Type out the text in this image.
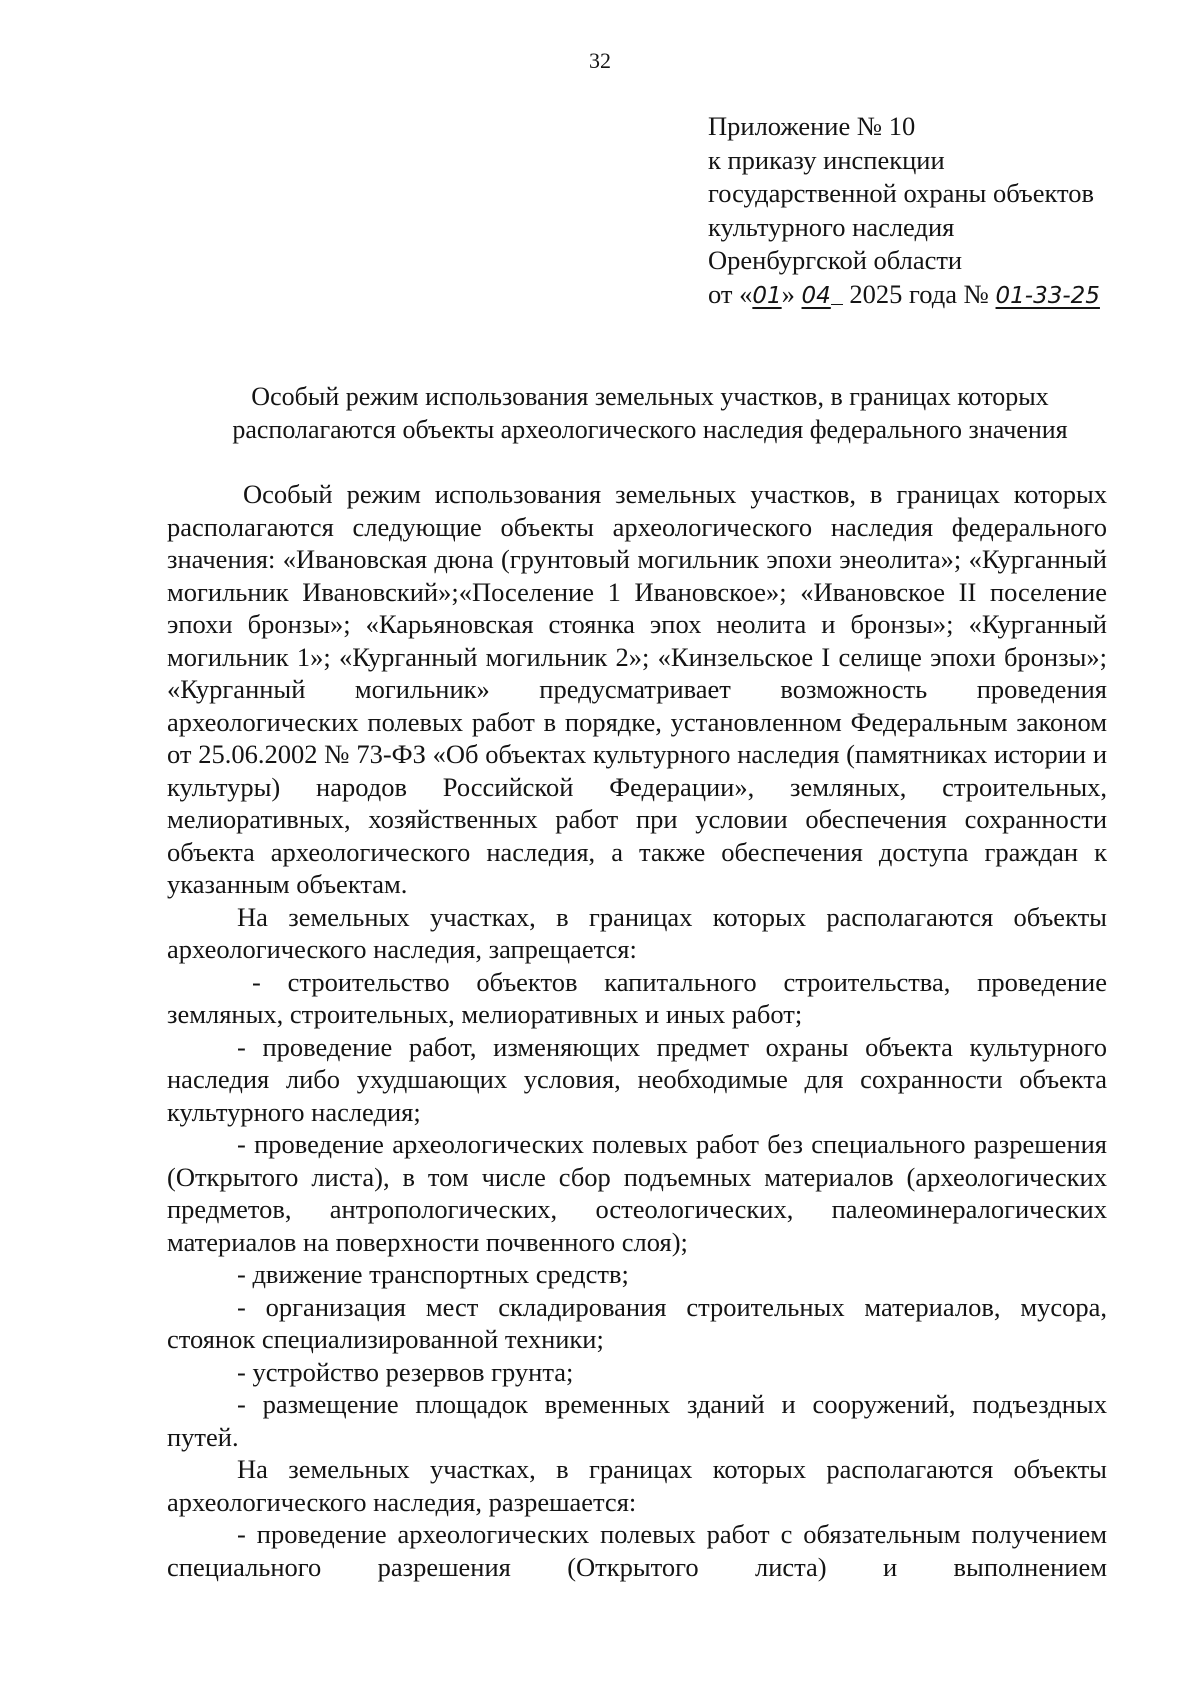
32
Приложение № 10
к приказу инспекции
государственной охраны объектов
культурного наследия
Оренбургской области
от «01» 04 2025 года № 01-33-25
Особый режим использования земельных участков, в границах которых
располагаются объекты археологического наследия федерального значения

Особый режим использования земельных участков, в границах которых располагаются следующие объекты археологического наследия федерального значения: «Ивановская дюна (грунтовый могильник эпохи энеолита»; «Курганный могильник Ивановский»;«Поселение 1 Ивановское»; «Ивановское II поселение эпохи бронзы»; «Карьяновская стоянка эпох неолита и бронзы»; «Курганный могильник 1»; «Курганный могильник 2»; «Кинзельское I селище эпохи бронзы»; «Курганный могильник» предусматривает возможность проведения археологических полевых работ в порядке, установленном Федеральным законом от 25.06.2002 № 73-ФЗ «Об объектах культурного наследия (памятниках истории и культуры) народов Российской Федерации», земляных, строительных, мелиоративных, хозяйственных работ при условии обеспечения сохранности объекта археологического наследия, а также обеспечения доступа граждан к указанным объектам.

На земельных участках, в границах которых располагаются объекты археологического наследия, запрещается:

- строительство объектов капитального строительства, проведение земляных, строительных, мелиоративных и иных работ;

- проведение работ, изменяющих предмет охраны объекта культурного наследия либо ухудшающих условия, необходимые для сохранности объекта культурного наследия;

- проведение археологических полевых работ без специального разрешения (Открытого листа), в том числе сбор подъемных материалов (археологических предметов, антропологических, остеологических, палеоминералогических материалов на поверхности почвенного слоя);

- движение транспортных средств;

- организация мест складирования строительных материалов, мусора, стоянок специализированной техники;

- устройство резервов грунта;

- размещение площадок временных зданий и сооружений, подъездных путей.

На земельных участках, в границах которых располагаются объекты археологического наследия, разрешается:

- проведение археологических полевых работ с обязательным получением специального разрешения (Открытого листа) и выполнением
